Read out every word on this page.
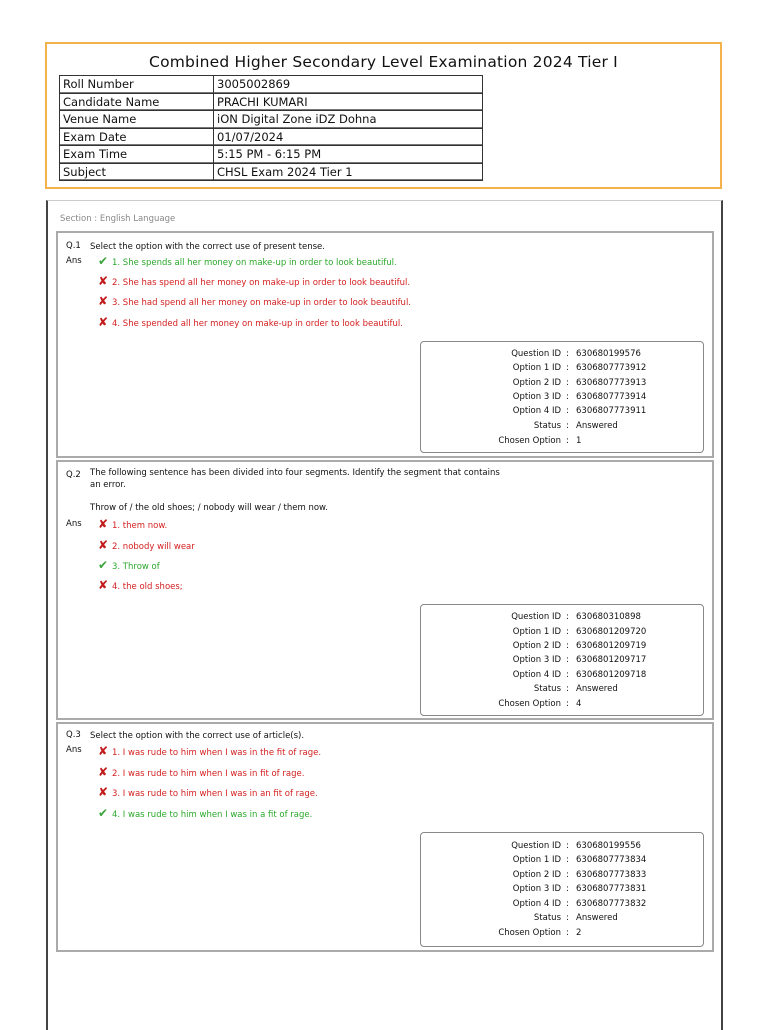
Combined Higher Secondary Level Examination 2024 Tier I
Roll Number	3005002869
Candidate Name	PRACHI KUMARI
Venue Name	iON Digital Zone iDZ Dohna
Exam Date	01/07/2024
Exam Time	5:15 PM - 6:15 PM
Subject	CHSL Exam 2024 Tier 1
Section : English Language
Q.1 Select the option with the correct use of present tense.
Ans ✔ 1. She spends all her money on make-up in order to look beautiful.
✘ 2. She has spend all her money on make-up in order to look beautiful.
✘ 3. She had spend all her money on make-up in order to look beautiful.
✘ 4. She spended all her money on make-up in order to look beautiful.
Question ID : 630680199576
Option 1 ID : 6306807773912
Option 2 ID : 6306807773913
Option 3 ID : 6306807773914
Option 4 ID : 6306807773911
Status : Answered
Chosen Option : 1
Q.2 The following sentence has been divided into four segments. Identify the segment that contains an error.
Throw of / the old shoes; / nobody will wear / them now.
Ans ✘ 1. them now.
✘ 2. nobody will wear
✔ 3. Throw of
✘ 4. the old shoes;
Question ID : 630680310898
Option 1 ID : 6306801209720
Option 2 ID : 6306801209719
Option 3 ID : 6306801209717
Option 4 ID : 6306801209718
Status : Answered
Chosen Option : 4
Q.3 Select the option with the correct use of article(s).
Ans ✘ 1. I was rude to him when I was in the fit of rage.
✘ 2. I was rude to him when I was in fit of rage.
✘ 3. I was rude to him when I was in an fit of rage.
✔ 4. I was rude to him when I was in a fit of rage.
Question ID : 630680199556
Option 1 ID : 6306807773834
Option 2 ID : 6306807773833
Option 3 ID : 6306807773831
Option 4 ID : 6306807773832
Status : Answered
Chosen Option : 2
